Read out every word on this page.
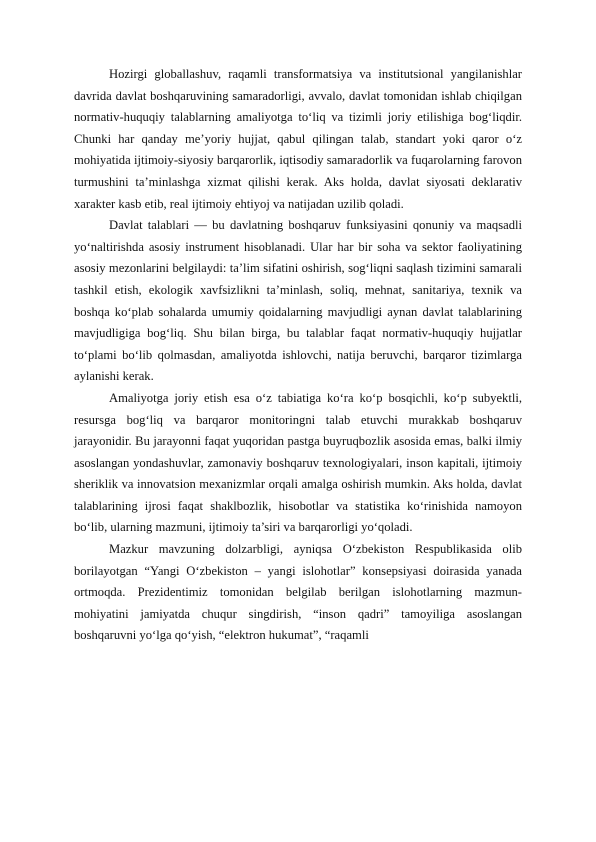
Hozirgi globallashuv, raqamli transformatsiya va institutsional yangilanishlar davrida davlat boshqaruvining samaradorligi, avvalo, davlat tomonidan ishlab chiqilgan normativ-huquqiy talablarning amaliyotga to‘liq va tizimli joriy etilishiga bog‘liqdir. Chunki har qanday me’yoriy hujjat, qabul qilingan talab, standart yoki qaror o‘z mohiyatida ijtimoiy-siyosiy barqarorlik, iqtisodiy samaradorlik va fuqarolarning farovon turmushini ta’minlashga xizmat qilishi kerak. Aks holda, davlat siyosati deklarativ xarakter kasb etib, real ijtimoiy ehtiyoj va natijadan uzilib qoladi.

Davlat talablari — bu davlatning boshqaruv funksiyasini qonuniy va maqsadli yo‘naltirishda asosiy instrument hisoblanadi. Ular har bir soha va sektor faoliyatining asosiy mezonlarini belgilaydi: ta’lim sifatini oshirish, sog‘liqni saqlash tizimini samarali tashkil etish, ekologik xavfsizlikni ta’minlash, soliq, mehnat, sanitariya, texnik va boshqa ko‘plab sohalarda umumiy qoidalarning mavjudligi aynan davlat talablarining mavjudligiga bog‘liq. Shu bilan birga, bu talablar faqat normativ-huquqiy hujjatlar to‘plami bo‘lib qolmasdan, amaliyotda ishlovchi, natija beruvchi, barqaror tizimlarga aylanishi kerak.

Amaliyotga joriy etish esa o‘z tabiatiga ko‘ra ko‘p bosqichli, ko‘p subyektli, resursga bog‘liq va barqaror monitoringni talab etuvchi murakkab boshqaruv jarayonidir. Bu jarayonni faqat yuqoridan pastga buyruqbozlik asosida emas, balki ilmiy asoslangan yondashuvlar, zamonaviy boshqaruv texnologiyalari, inson kapitali, ijtimoiy sheriklik va innovatsion mexanizmlar orqali amalga oshirish mumkin. Aks holda, davlat talablarining ijrosi faqat shaklbozlik, hisobotlar va statistika ko‘rinishida namoyon bo‘lib, ularning mazmuni, ijtimoiy ta’siri va barqarorligi yo‘qoladi.

Mazkur mavzuning dolzarbligi, ayniqsa O‘zbekiston Respublikasida olib borilayotgan “Yangi O‘zbekiston – yangi islohotlar” konsepsiyasi doirasida yanada ortmoqda. Prezidentimiz tomonidan belgilab berilgan islohotlarning mazmun-mohiyatini jamiyatda chuqur singdirish, “inson qadri” tamoyiliga asoslangan boshqaruvni yo‘lga qo‘yish, “elektron hukumat”, “raqamli
